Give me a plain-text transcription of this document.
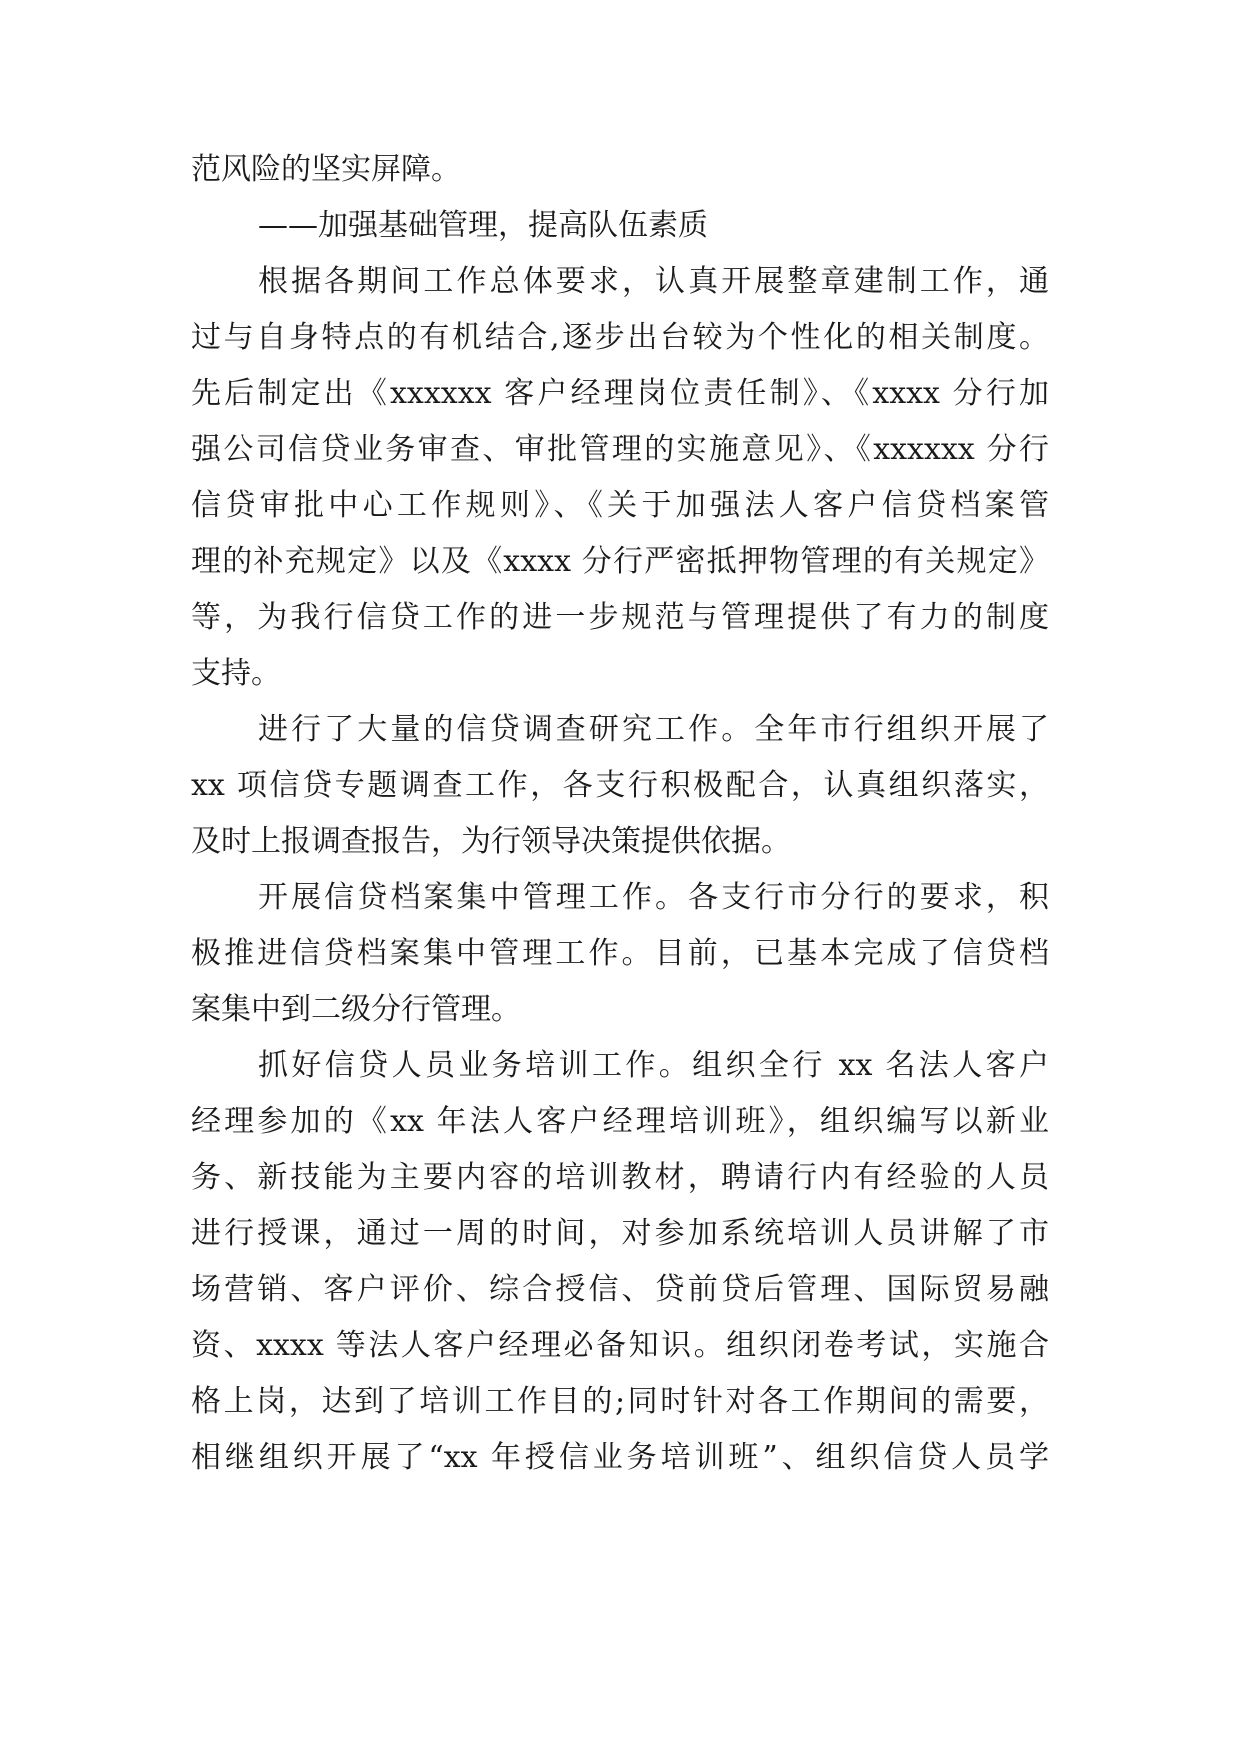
范风险的坚实屏障。
——加强基础管理，提高队伍素质
根据各期间工作总体要求，认真开展整章建制工作，通
过与自身特点的有机结合,逐步出台较为个性化的相关制度。
先后制定出《xxxxxx 客户经理岗位责任制》、《xxxx 分行加
强公司信贷业务审查、审批管理的实施意见》、《xxxxxx 分行
信贷审批中心工作规则》、《关于加强法人客户信贷档案管
理的补充规定》以及《xxxx 分行严密抵押物管理的有关规定》
等，为我行信贷工作的进一步规范与管理提供了有力的制度
支持。
进行了大量的信贷调查研究工作。全年市行组织开展了
xx 项信贷专题调查工作，各支行积极配合，认真组织落实，
及时上报调查报告，为行领导决策提供依据。
开展信贷档案集中管理工作。各支行市分行的要求，积
极推进信贷档案集中管理工作。目前，已基本完成了信贷档
案集中到二级分行管理。
抓好信贷人员业务培训工作。组织全行 xx 名法人客户
经理参加的《xx 年法人客户经理培训班》，组织编写以新业
务、新技能为主要内容的培训教材，聘请行内有经验的人员
进行授课，通过一周的时间，对参加系统培训人员讲解了市
场营销、客户评价、综合授信、贷前贷后管理、国际贸易融
资、xxxx 等法人客户经理必备知识。组织闭卷考试，实施合
格上岗，达到了培训工作目的;同时针对各工作期间的需要，
相继组织开展了“xx 年授信业务培训班”、组织信贷人员学
